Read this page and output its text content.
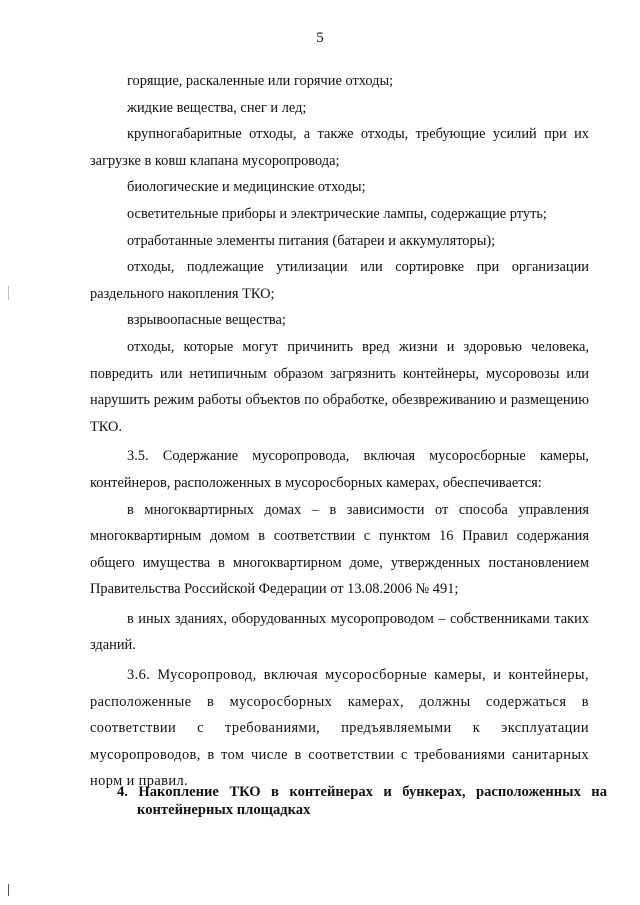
5

горящие, раскаленные или горячие отходы;

жидкие вещества, снег и лед;

крупногабаритные отходы, а также отходы, требующие усилий при их загрузке в ковш клапана мусоропровода;

биологические и медицинские отходы;

осветительные приборы и электрические лампы, содержащие ртуть;

отработанные элементы питания (батареи и аккумуляторы);

отходы, подлежащие утилизации или сортировке при организации раздельного накопления ТКО;

взрывоопасные вещества;

отходы, которые могут причинить вред жизни и здоровью человека, повредить или нетипичным образом загрязнить контейнеры, мусоровозы или нарушить режим работы объектов по обработке, обезвреживанию и размещению ТКО.

3.5. Содержание мусоропровода, включая мусоросборные камеры, контейнеров, расположенных в мусоросборных камерах, обеспечивается:

в многоквартирных домах – в зависимости от способа управления многоквартирным домом в соответствии с пунктом 16 Правил содержания общего имущества в многоквартирном доме, утвержденных постановлением Правительства Российской Федерации от 13.08.2006 № 491;

в иных зданиях, оборудованных мусоропроводом – собственниками таких зданий.

3.6. Мусоропровод, включая мусоросборные камеры, и контейнеры, расположенные в мусоросборных камерах, должны содержаться в соответствии с требованиями, предъявляемыми к эксплуатации мусоропроводов, в том числе в соответствии с требованиями санитарных норм и правил.

4. Накопление ТКО в контейнерах и бункерах, расположенных на контейнерных площадках
